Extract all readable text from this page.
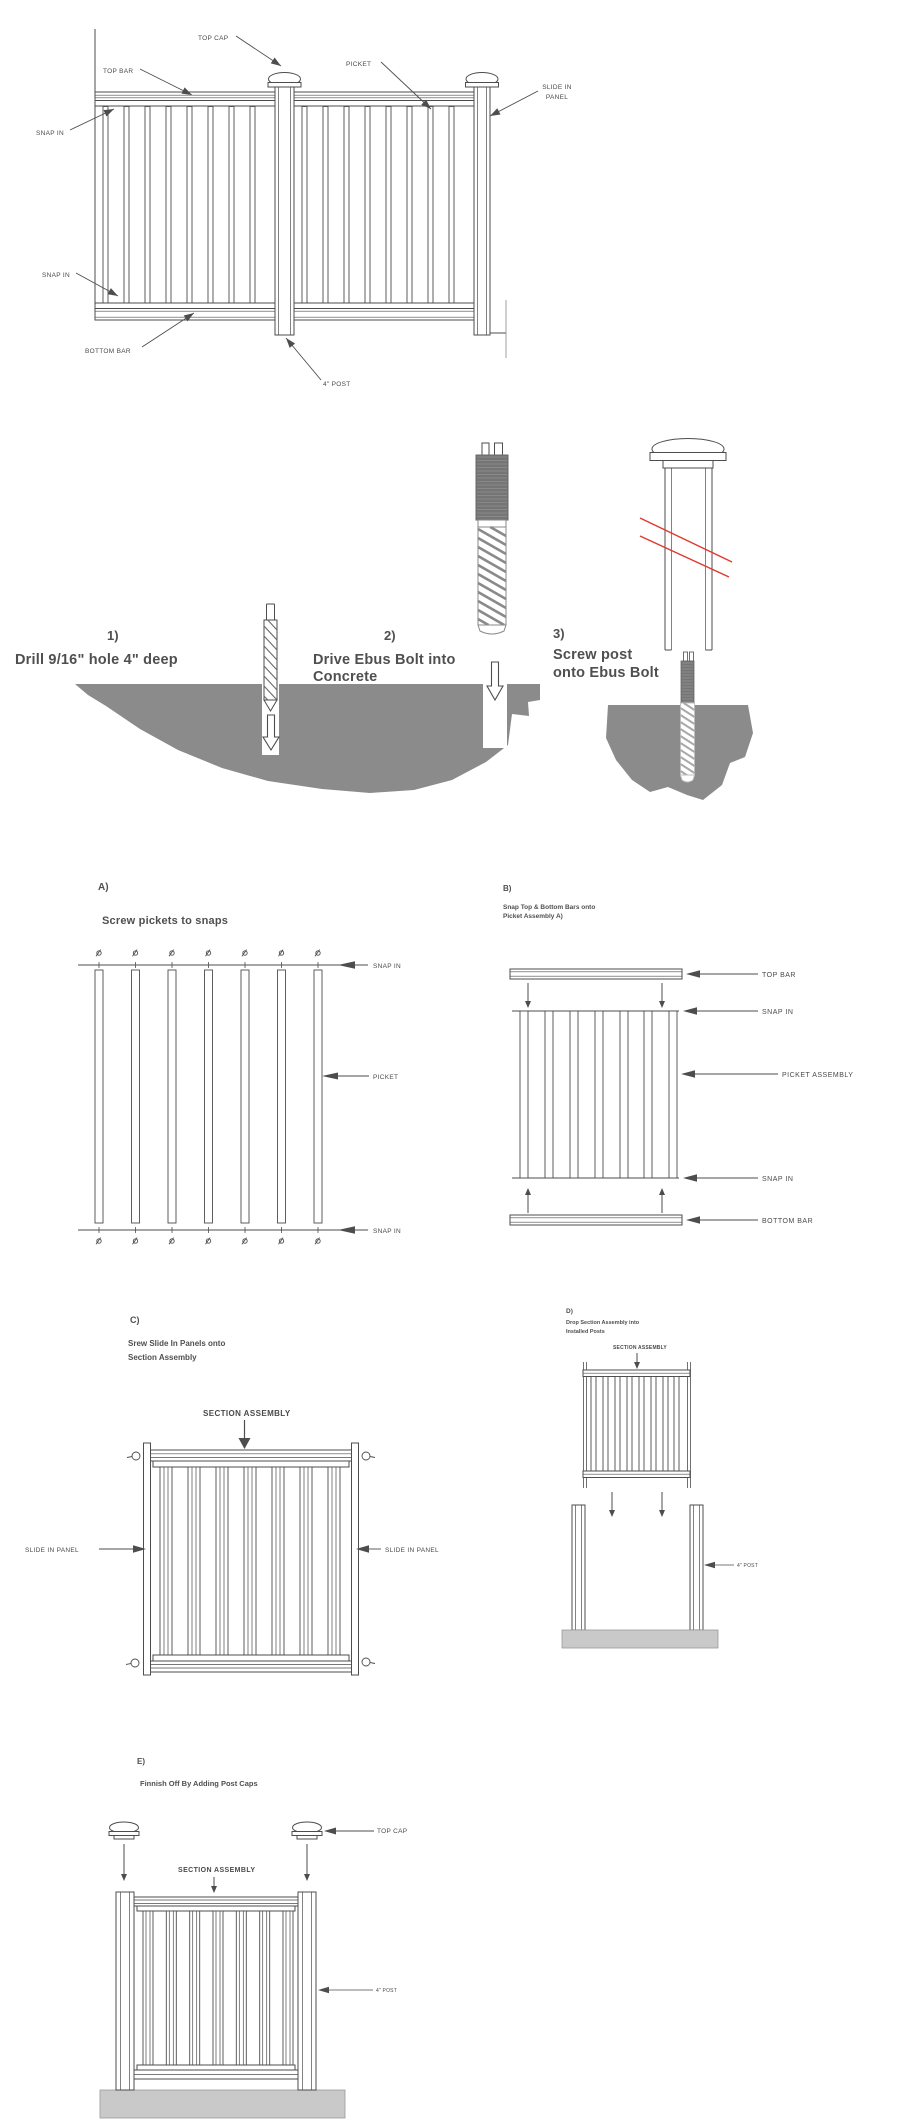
TOP CAP
TOP BAR
PICKET
SLIDE IN
PANEL
SNAP IN
SNAP IN
BOTTOM BAR
4" POST
1)
Drill 9/16" hole 4" deep
2)
Drive Ebus Bolt into
Concrete
3)
Screw post
onto Ebus Bolt
A)
Screw pickets to snaps
SNAP IN
PICKET
SNAP IN
B)
Snap Top & Bottom Bars onto
Picket Assembly A)
TOP BAR
SNAP IN
PICKET ASSEMBLY
SNAP IN
BOTTOM BAR
C)
Srew Slide In Panels onto
Section Assembly
SECTION ASSEMBLY
SLIDE IN PANEL	SLIDE IN PANEL
D)
Drop Section Assembly into
Installed Posts
SECTION ASSEMBLY
4" POST
E)
Finnish Off By Adding Post Caps
TOP CAP
SECTION ASSEMBLY
4" POST
